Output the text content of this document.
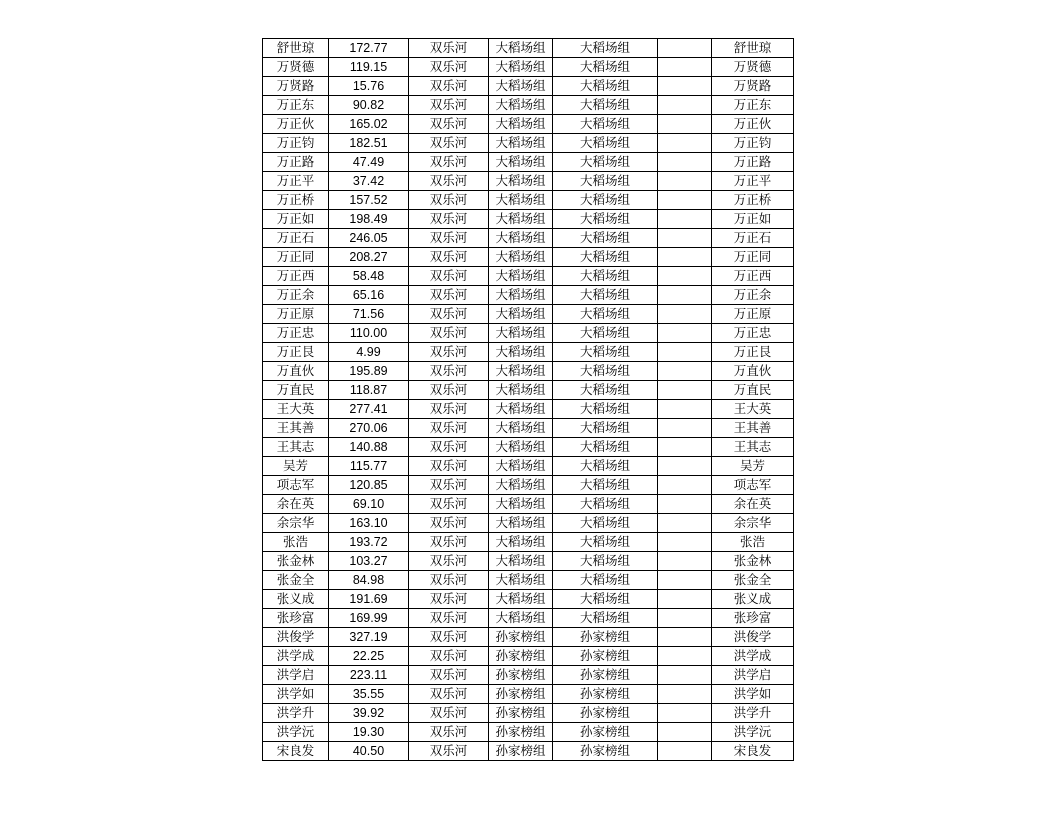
舒世琼	172.77	双乐河	大稻场组	大稻场组		舒世琼
万贤德	119.15	双乐河	大稻场组	大稻场组		万贤德
万贤路	15.76	双乐河	大稻场组	大稻场组		万贤路
万正东	90.82	双乐河	大稻场组	大稻场组		万正东
万正伙	165.02	双乐河	大稻场组	大稻场组		万正伙
万正钧	182.51	双乐河	大稻场组	大稻场组		万正钧
万正路	47.49	双乐河	大稻场组	大稻场组		万正路
万正平	37.42	双乐河	大稻场组	大稻场组		万正平
万正桥	157.52	双乐河	大稻场组	大稻场组		万正桥
万正如	198.49	双乐河	大稻场组	大稻场组		万正如
万正石	246.05	双乐河	大稻场组	大稻场组		万正石
万正同	208.27	双乐河	大稻场组	大稻场组		万正同
万正西	58.48	双乐河	大稻场组	大稻场组		万正西
万正余	65.16	双乐河	大稻场组	大稻场组		万正余
万正原	71.56	双乐河	大稻场组	大稻场组		万正原
万正忠	110.00	双乐河	大稻场组	大稻场组		万正忠
万正艮	4.99	双乐河	大稻场组	大稻场组		万正艮
万直伙	195.89	双乐河	大稻场组	大稻场组		万直伙
万直民	118.87	双乐河	大稻场组	大稻场组		万直民
王大英	277.41	双乐河	大稻场组	大稻场组		王大英
王其善	270.06	双乐河	大稻场组	大稻场组		王其善
王其志	140.88	双乐河	大稻场组	大稻场组		王其志
吴芳	115.77	双乐河	大稻场组	大稻场组		吴芳
项志军	120.85	双乐河	大稻场组	大稻场组		项志军
余在英	69.10	双乐河	大稻场组	大稻场组		余在英
余宗华	163.10	双乐河	大稻场组	大稻场组		余宗华
张浩	193.72	双乐河	大稻场组	大稻场组		张浩
张金林	103.27	双乐河	大稻场组	大稻场组		张金林
张金全	84.98	双乐河	大稻场组	大稻场组		张金全
张义成	191.69	双乐河	大稻场组	大稻场组		张义成
张珍富	169.99	双乐河	大稻场组	大稻场组		张珍富
洪俊学	327.19	双乐河	孙家榜组	孙家榜组		洪俊学
洪学成	22.25	双乐河	孙家榜组	孙家榜组		洪学成
洪学启	223.11	双乐河	孙家榜组	孙家榜组		洪学启
洪学如	35.55	双乐河	孙家榜组	孙家榜组		洪学如
洪学升	39.92	双乐河	孙家榜组	孙家榜组		洪学升
洪学沅	19.30	双乐河	孙家榜组	孙家榜组		洪学沅
宋良发	40.50	双乐河	孙家榜组	孙家榜组		宋良发
